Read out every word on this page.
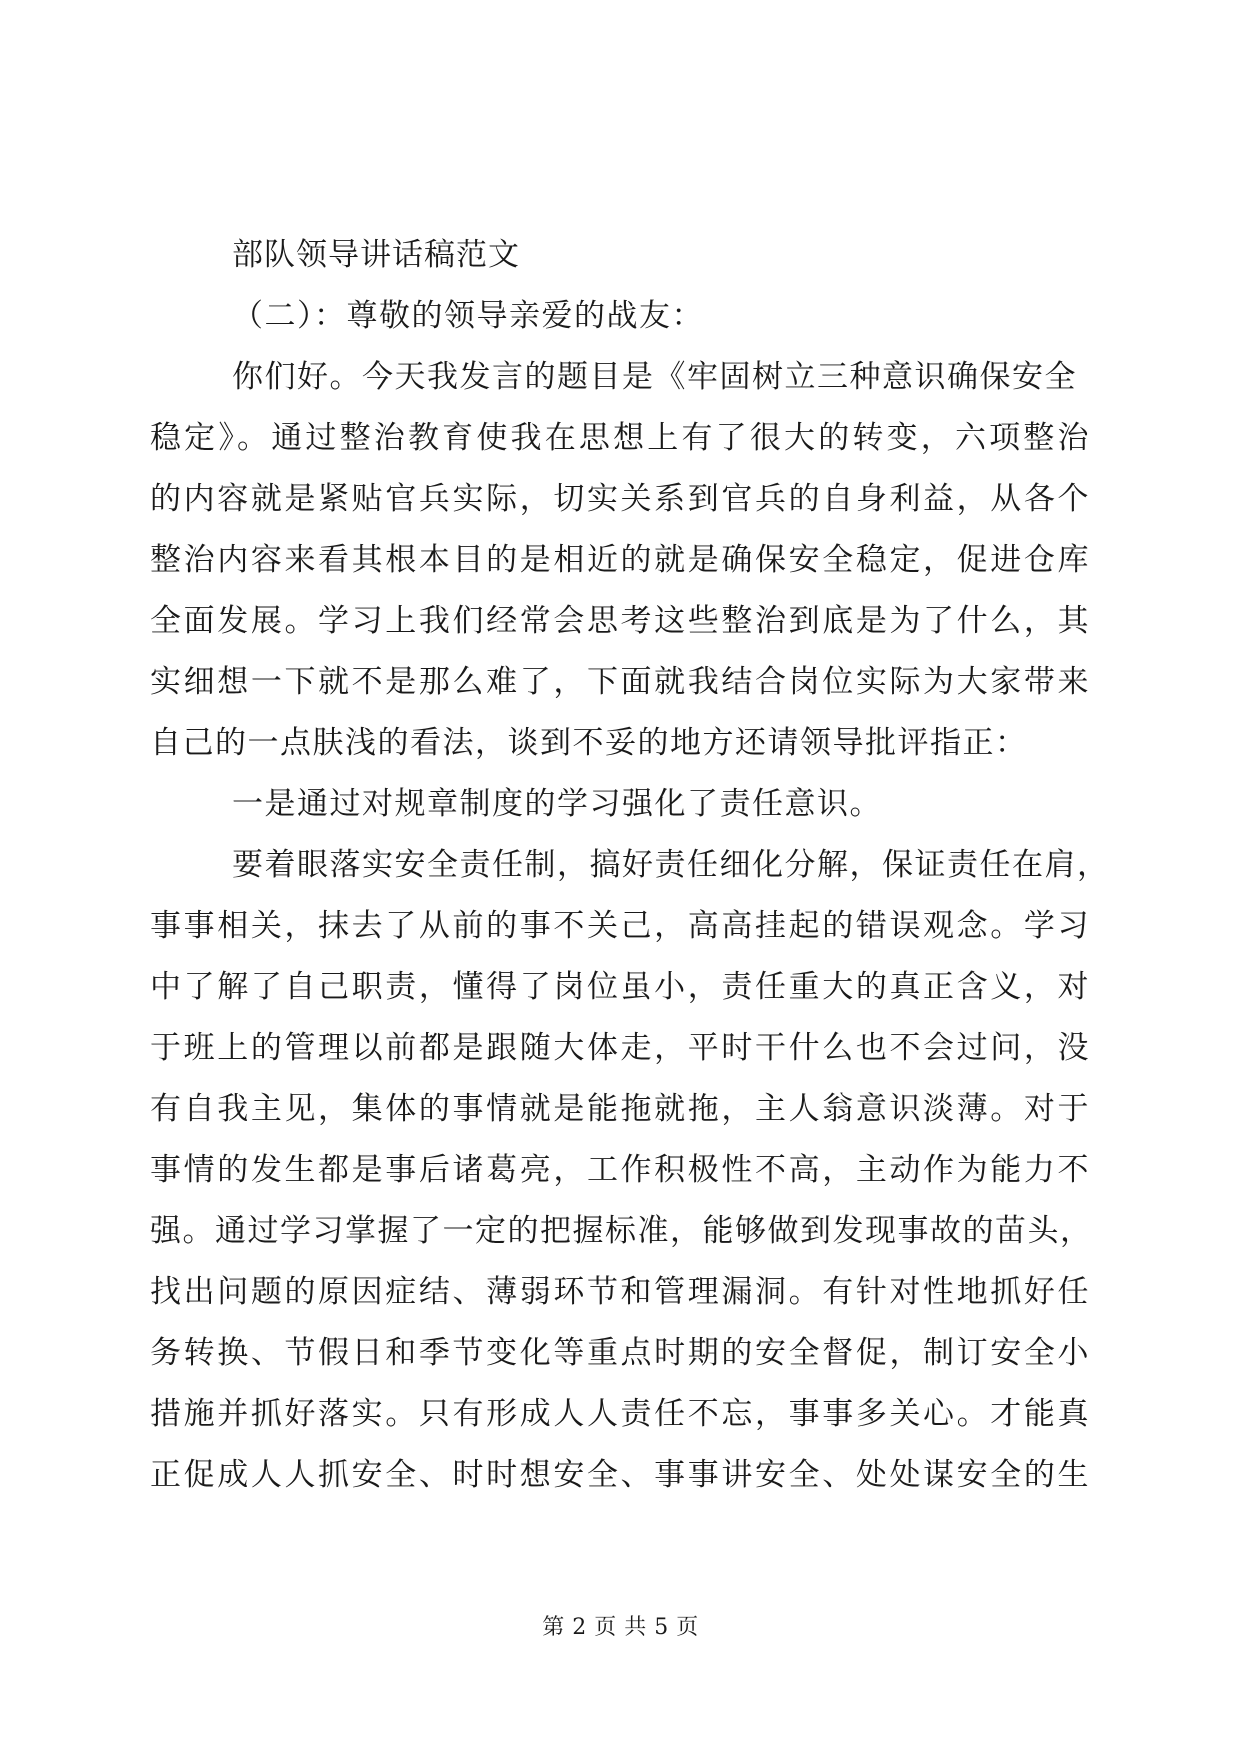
部队领导讲话稿范文
（二）：尊敬的领导亲爱的战友：
你们好。今天我发言的题目是《牢固树立三种意识确保安全
稳定》。通过整治教育使我在思想上有了很大的转变，六项整治
的内容就是紧贴官兵实际，切实关系到官兵的自身利益，从各个
整治内容来看其根本目的是相近的就是确保安全稳定，促进仓库
全面发展。学习上我们经常会思考这些整治到底是为了什么，其
实细想一下就不是那么难了，下面就我结合岗位实际为大家带来
自己的一点肤浅的看法，谈到不妥的地方还请领导批评指正：
一是通过对规章制度的学习强化了责任意识。
要着眼落实安全责任制，搞好责任细化分解，保证责任在肩，
事事相关，抹去了从前的事不关己，高高挂起的错误观念。学习
中了解了自己职责，懂得了岗位虽小，责任重大的真正含义，对
于班上的管理以前都是跟随大体走，平时干什么也不会过问，没
有自我主见，集体的事情就是能拖就拖，主人翁意识淡薄。对于
事情的发生都是事后诸葛亮，工作积极性不高，主动作为能力不
强。通过学习掌握了一定的把握标准，能够做到发现事故的苗头，
找出问题的原因症结、薄弱环节和管理漏洞。有针对性地抓好任
务转换、节假日和季节变化等重点时期的安全督促，制订安全小
措施并抓好落实。只有形成人人责任不忘，事事多关心。才能真
正促成人人抓安全、时时想安全、事事讲安全、处处谋安全的生
第 2 页 共 5 页
